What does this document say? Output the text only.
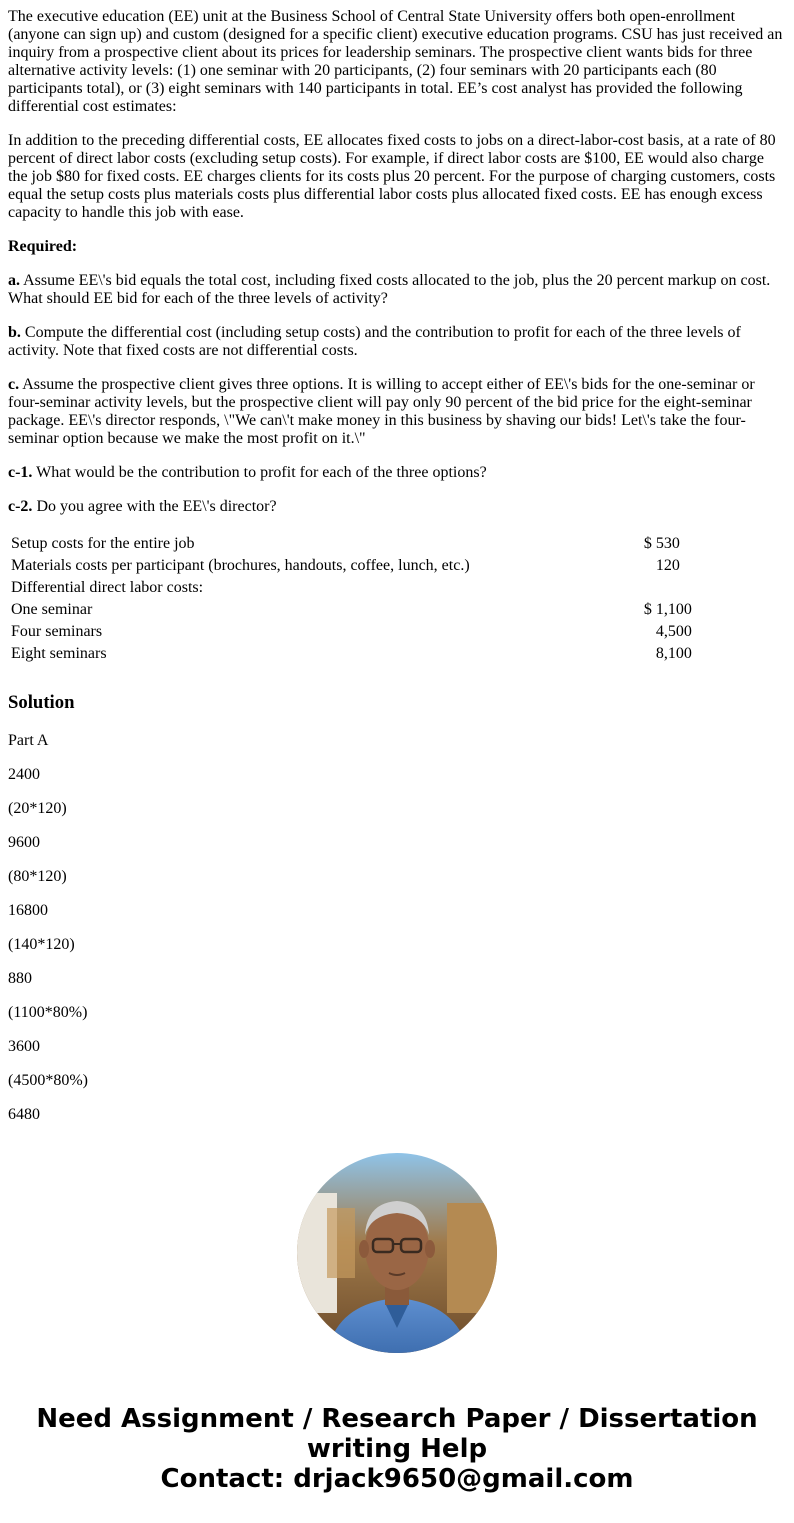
The executive education (EE) unit at the Business School of Central State University offers both open-enrollment (anyone can sign up) and custom (designed for a specific client) executive education programs. CSU has just received an inquiry from a prospective client about its prices for leadership seminars. The prospective client wants bids for three alternative activity levels: (1) one seminar with 20 participants, (2) four seminars with 20 participants each (80 participants total), or (3) eight seminars with 140 participants in total. EE’s cost analyst has provided the following differential cost estimates:

In addition to the preceding differential costs, EE allocates fixed costs to jobs on a direct-labor-cost basis, at a rate of 80 percent of direct labor costs (excluding setup costs). For example, if direct labor costs are $100, EE would also charge the job $80 for fixed costs. EE charges clients for its costs plus 20 percent. For the purpose of charging customers, costs equal the setup costs plus materials costs plus differential labor costs plus allocated fixed costs. EE has enough excess capacity to handle this job with ease.

Required:

a. Assume EE\'s bid equals the total cost, including fixed costs allocated to the job, plus the 20 percent markup on cost. What should EE bid for each of the three levels of activity?

b. Compute the differential cost (including setup costs) and the contribution to profit for each of the three levels of activity. Note that fixed costs are not differential costs.

c. Assume the prospective client gives three options. It is willing to accept either of EE\'s bids for the one-seminar or four-seminar activity levels, but the prospective client will pay only 90 percent of the bid price for the eight-seminar package. EE\'s director responds, \"We can\'t make money in this business by shaving our bids! Let\'s take the four-seminar option because we make the most profit on it.\"

c-1. What would be the contribution to profit for each of the three options?

c-2. Do you agree with the EE\'s director?

Setup costs for the entire job	$ 530
Materials costs per participant (brochures, handouts, coffee, lunch, etc.)	120
Differential direct labor costs:	
One seminar	$ 1,100
Four seminars	4,500
Eight seminars	8,100
Solution
Part A
2400
(20*120)
9600
(80*120)
16800
(140*120)
880
(1100*80%)
3600
(4500*80%)
6480
Need Assignment / Research Paper / Dissertation
writing Help
Contact: drjack9650@gmail.com
